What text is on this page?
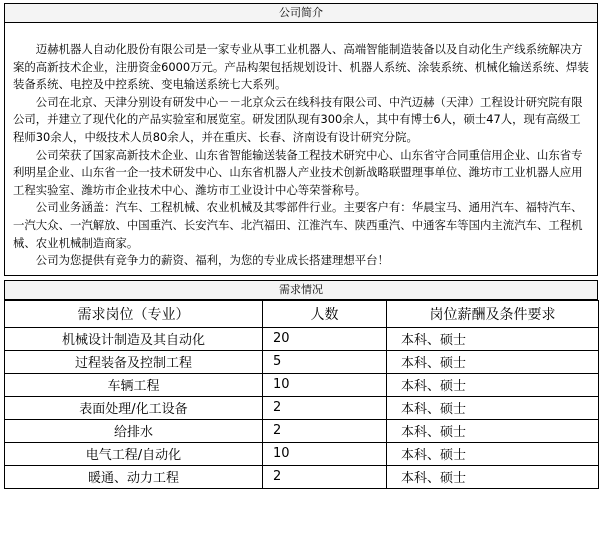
公司简介

迈赫机器人自动化股份有限公司是一家专业从事工业机器人、高端智能制造装备以及自动化生产线系统解决方案的高新技术企业，注册资金6000万元。产品构架包括规划设计、机器人系统、涂装系统、机械化输送系统、焊装装备系统、电控及中控系统、变电输送系统七大系列。

公司在北京、天津分别设有研发中心－－北京众云在线科技有限公司、中汽迈赫（天津）工程设计研究院有限公司，并建立了现代化的产品实验室和展览室。研发团队现有300余人，其中有博士6人，硕士47人，现有高级工程师30余人，中级技术人员80余人，并在重庆、长春、济南设有设计研究分院。

公司荣获了国家高新技术企业、山东省智能输送装备工程技术研究中心、山东省守合同重信用企业、山东省专利明星企业、山东省一企一技术研发中心、山东省机器人产业技术创新战略联盟理事单位、潍坊市工业机器人应用工程实验室、潍坊市企业技术中心、潍坊市工业设计中心等荣誉称号。

公司业务涵盖：汽车、工程机械、农业机械及其零部件行业。主要客户有：华晨宝马、通用汽车、福特汽车、一汽大众、一汽解放、中国重汽、长安汽车、北汽福田、江淮汽车、陕西重汽、中通客车等国内主流汽车、工程机械、农业机械制造商家。

公司为您提供有竞争力的薪资、福利，为您的专业成长搭建理想平台！

需求情况
需求岗位（专业）	人数	岗位薪酬及条件要求
机械设计制造及其自动化	20	本科、硕士
过程装备及控制工程	5	本科、硕士
车辆工程	10	本科、硕士
表面处理/化工设备	2	本科、硕士
给排水	2	本科、硕士
电气工程/自动化	10	本科、硕士
暖通、动力工程	2	本科、硕士
